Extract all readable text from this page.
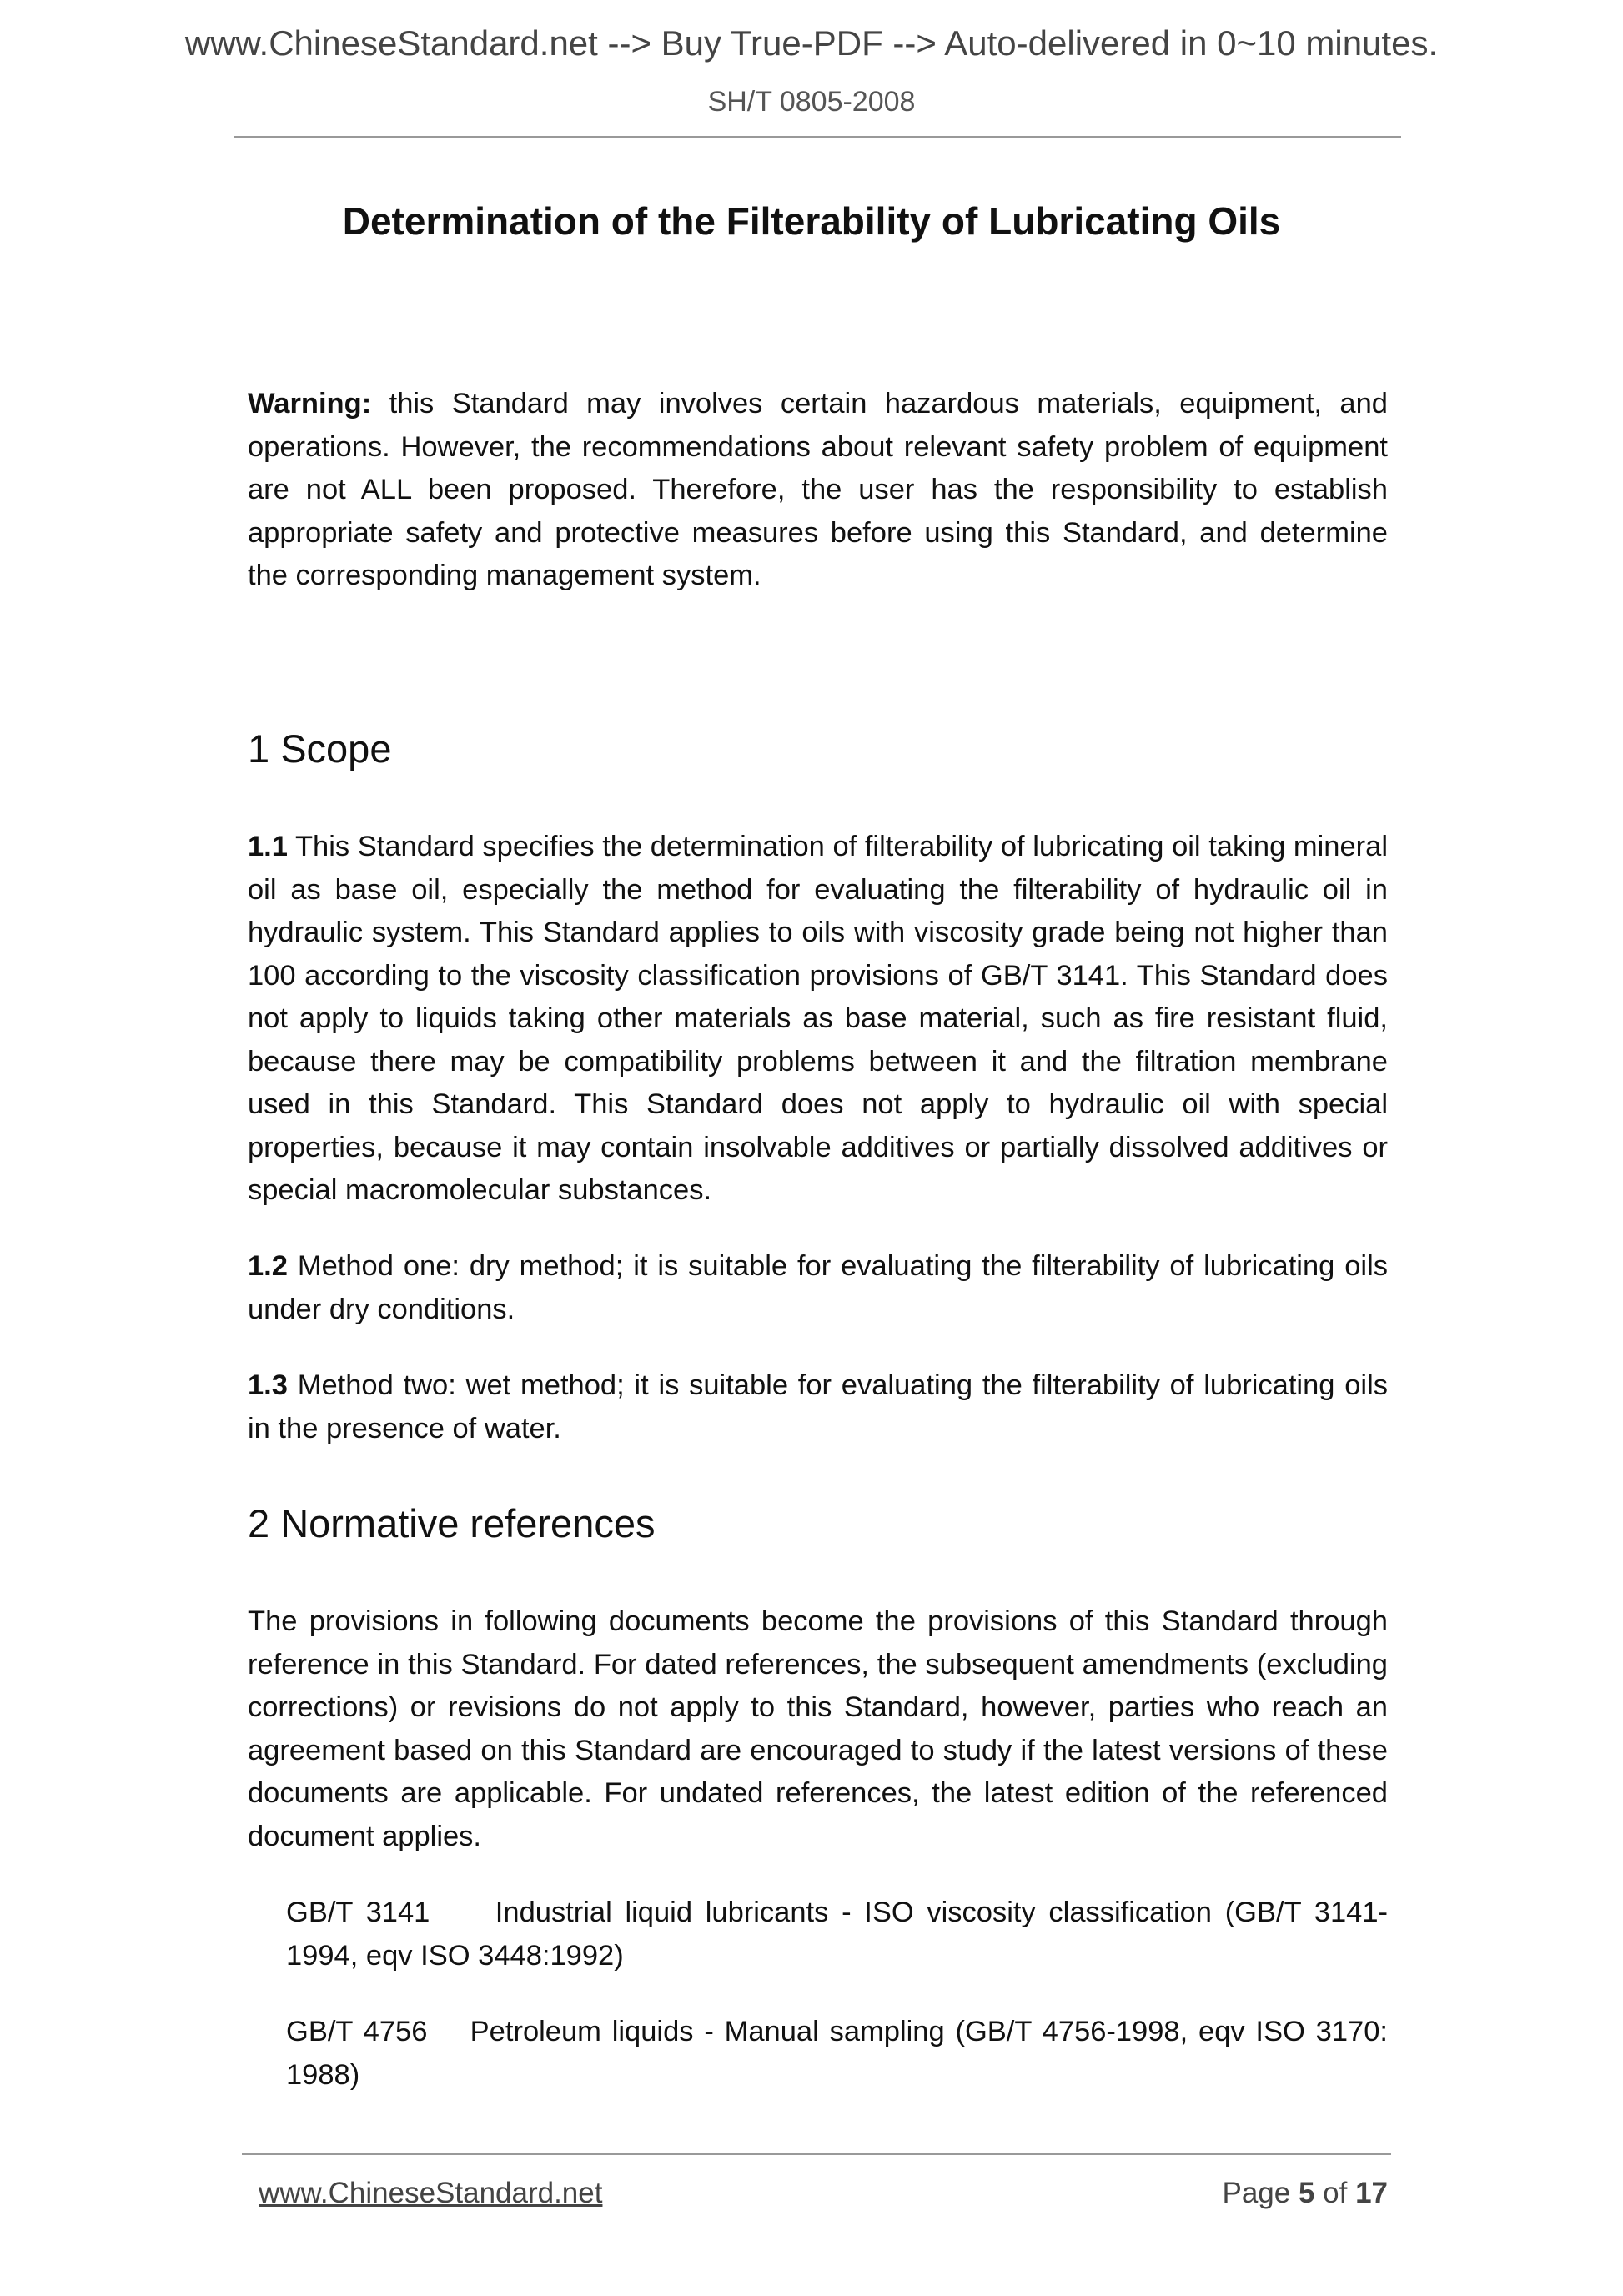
www.ChineseStandard.net --> Buy True-PDF --> Auto-delivered in 0~10 minutes.
SH/T 0805-2008
Determination of the Filterability of Lubricating Oils
Warning: this Standard may involves certain hazardous materials, equipment, and operations. However, the recommendations about relevant safety problem of equipment are not ALL been proposed. Therefore, the user has the responsibility to establish appropriate safety and protective measures before using this Standard, and determine the corresponding management system.
1 Scope
1.1 This Standard specifies the determination of filterability of lubricating oil taking mineral oil as base oil, especially the method for evaluating the filterability of hydraulic oil in hydraulic system. This Standard applies to oils with viscosity grade being not higher than 100 according to the viscosity classification provisions of GB/T 3141. This Standard does not apply to liquids taking other materials as base material, such as fire resistant fluid, because there may be compatibility problems between it and the filtration membrane used in this Standard. This Standard does not apply to hydraulic oil with special properties, because it may contain insolvable additives or partially dissolved additives or special macromolecular substances.
1.2 Method one: dry method; it is suitable for evaluating the filterability of lubricating oils under dry conditions.
1.3 Method two: wet method; it is suitable for evaluating the filterability of lubricating oils in the presence of water.
2 Normative references
The provisions in following documents become the provisions of this Standard through reference in this Standard. For dated references, the subsequent amendments (excluding corrections) or revisions do not apply to this Standard, however, parties who reach an agreement based on this Standard are encouraged to study if the latest versions of these documents are applicable. For undated references, the latest edition of the referenced document applies.
GB/T 3141 Industrial liquid lubricants - ISO viscosity classification (GB/T 3141-1994, eqv ISO 3448:1992)
GB/T 4756 Petroleum liquids - Manual sampling (GB/T 4756-1998, eqv ISO 3170: 1988)
www.ChineseStandard.net	Page 5 of 17
